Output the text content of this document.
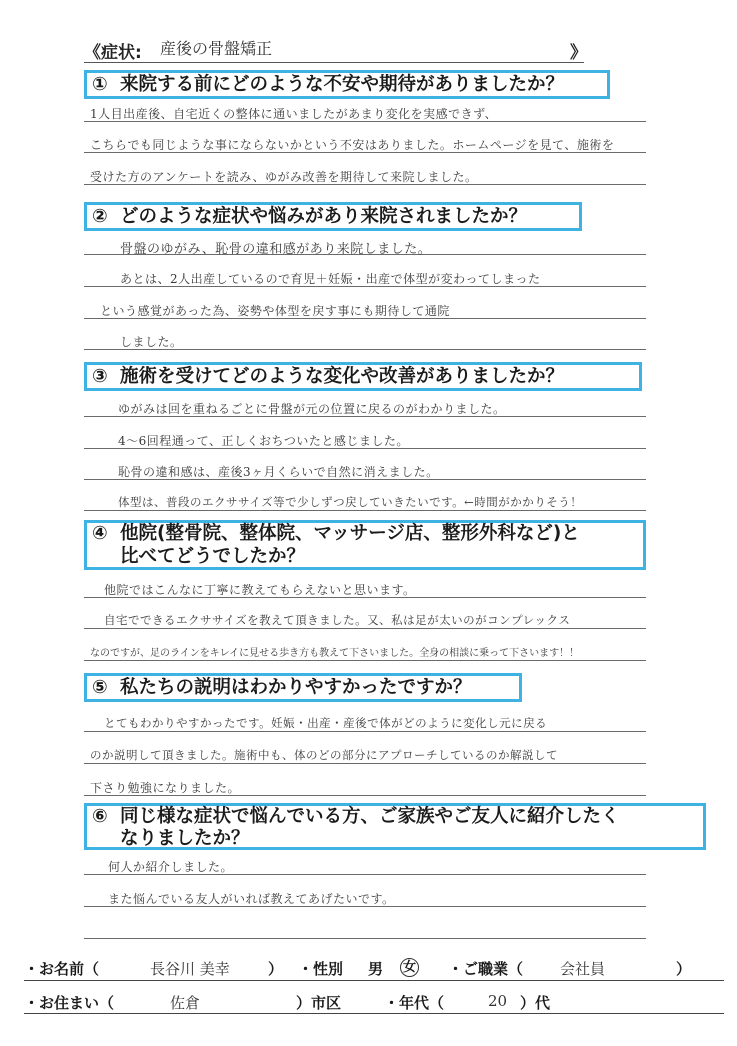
《症状: 産後の骨盤矯正	》
① 来院する前にどのような不安や期待がありましたか？
1人目出産後、自宅近くの整体に通いましたがあまり変化を実感できず、
こちらでも同じような事にならないかという不安はありました。ホームページを見て、施術を
受けた方のアンケートを読み、ゆがみ改善を期待して来院しました。
② どのような症状や悩みがあり来院されましたか？
骨盤のゆがみ、恥骨の違和感があり来院しました。
あとは、2人出産しているので育児＋妊娠・出産で体型が変わってしまった
という感覚があった為、姿勢や体型を戻す事にも期待して通院
しました。
③ 施術を受けてどのような変化や改善がありましたか？
ゆがみは回を重ねるごとに骨盤が元の位置に戻るのがわかりました。
4〜6回程通って、正しくおちついたと感じました。
恥骨の違和感は、産後3ヶ月くらいで自然に消えました。
体型は、普段のエクササイズ等で少しずつ戻していきたいです。←時間がかかりそう！
④ 他院(整骨院、整体院、マッサージ店、整形外科など)と
比べてどうでしたか？
他院ではこんなに丁寧に教えてもらえないと思います。
自宅でできるエクササイズを教えて頂きました。又、私は足が太いのがコンプレックス
なのですが、足のラインをキレイに見せる歩き方も教えて下さいました。全身の相談に乗って下さいます！！
⑤ 私たちの説明はわかりやすかったですか？
とてもわかりやすかったです。妊娠・出産・産後で体がどのように変化し元に戻る
のか説明して頂きました。施術中も、体のどの部分にアプローチしているのか解説して
下さり勉強になりました。
⑥ 同じ様な症状で悩んでいる方、ご家族やご友人に紹介したく
なりましたか？
何人か紹介しました。
また悩んでいる友人がいれば教えてあげたいです。
・お名前（	長谷川 美幸	） ・性別 男 女 ・ご職業（ 会社員	）
・お住まい（	佐倉	）市区	・年代（	20 ）代
